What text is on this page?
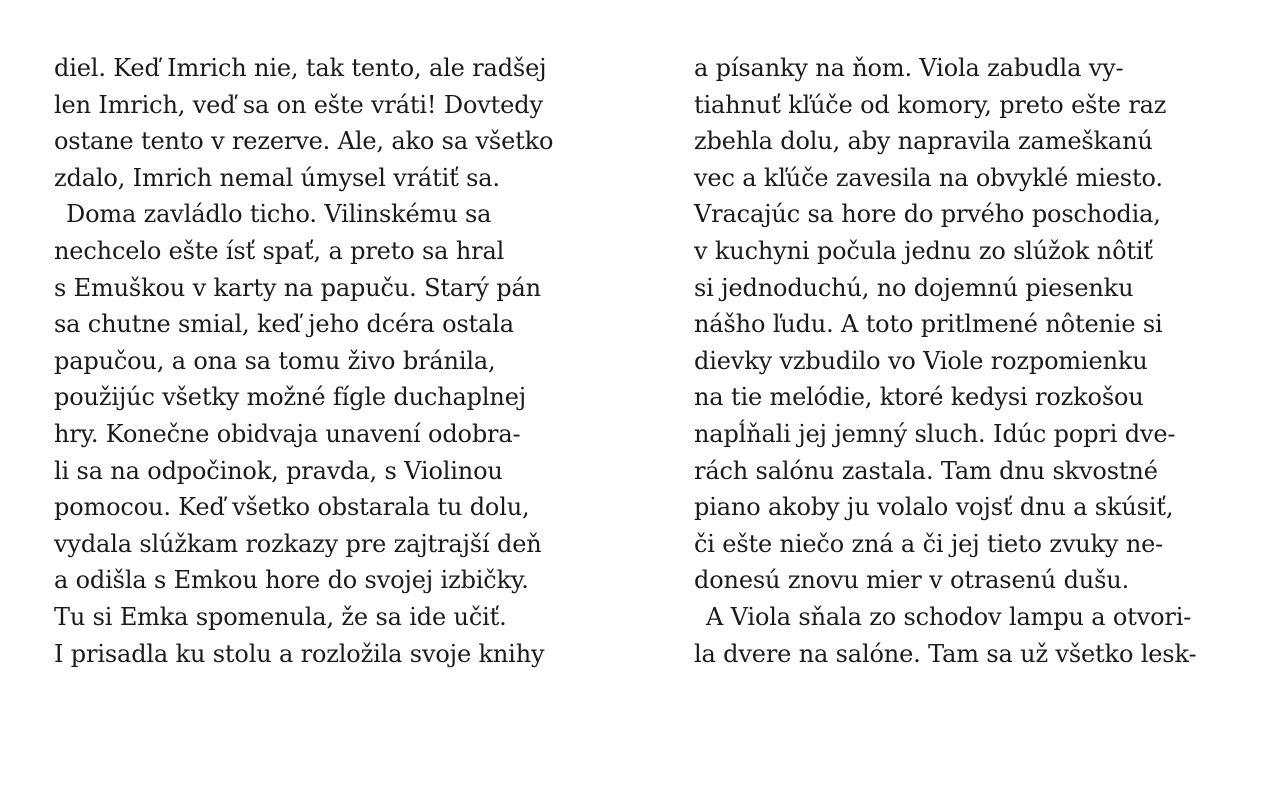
diel. Keď Imrich nie, tak tento, ale radšej
len Imrich, veď sa on ešte vráti! Dovtedy
ostane tento v rezerve. Ale, ako sa všetko
zdalo, Imrich nemal úmysel vrátiť sa.
Doma zavládlo ticho. Vilinskému sa
nechcelo ešte ísť spať, a preto sa hral
s Emuškou v karty na papuču. Starý pán
sa chutne smial, keď jeho dcéra ostala
papučou, a ona sa tomu živo bránila,
použijúc všetky možné fígle duchaplnej
hry. Konečne obidvaja unavení odobra-
li sa na odpočinok, pravda, s Violinou
pomocou. Keď všetko obstarala tu dolu,
vydala slúžkam rozkazy pre zajtrajší deň
a odišla s Emkou hore do svojej izbičky.
Tu si Emka spomenula, že sa ide učiť.
I prisadla ku stolu a rozložila svoje knihy
a písanky na ňom. Viola zabudla vy-
tiahnuť kľúče od komory, preto ešte raz
zbehla dolu, aby napravila zameškanú
vec a kľúče zavesila na obvyklé miesto.
Vracajúc sa hore do prvého poschodia,
v kuchyni počula jednu zo slúžok nôtiť
si jednoduchú, no dojemnú piesenku
nášho ľudu. A toto pritlmené nôtenie si
dievky vzbudilo vo Viole rozpomienku
na tie melódie, ktoré kedysi rozkošou
napĺňali jej jemný sluch. Idúc popri dve-
rách salónu zastala. Tam dnu skvostné
piano akoby ju volalo vojsť dnu a skúsiť,
či ešte niečo zná a či jej tieto zvuky ne-
donesú znovu mier v otrasenú dušu.
A Viola sňala zo schodov lampu a otvori-
la dvere na salóne. Tam sa už všetko lesk-
